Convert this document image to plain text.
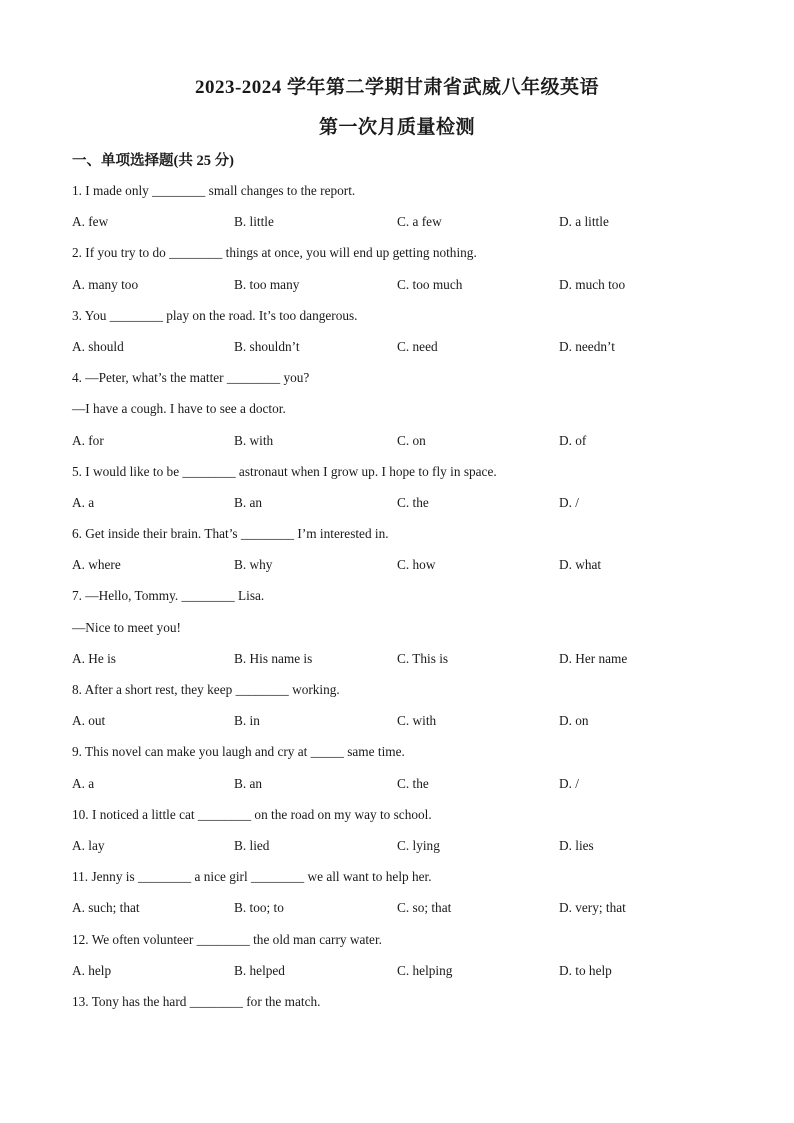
2023-2024 学年第二学期甘肃省武威八年级英语
第一次月质量检测
一、单项选择题(共 25 分)
1. I made only ________ small changes to the report.
A. few	B. little	C. a few	D. a little
2. If you try to do ________ things at once, you will end up getting nothing.
A. many too	B. too many	C. too much	D. much too
3. You ________ play on the road. It’s too dangerous.
A. should	B. shouldn’t	C. need	D. needn’t
4. —Peter, what’s the matter ________ you?
—I have a cough. I have to see a doctor.
A. for	B. with	C. on	D. of
5. I would like to be ________ astronaut when I grow up. I hope to fly in space.
A. a	B. an	C. the	D. /
6. Get inside their brain. That’s ________ I’m interested in.
A. where	B. why	C. how	D. what
7. —Hello, Tommy. ________ Lisa.
—Nice to meet you!
A. He is	B. His name is	C. This is	D. Her name
8. After a short rest, they keep ________ working.
A. out	B. in	C. with	D. on
9. This novel can make you laugh and cry at _____ same time.
A. a	B. an	C. the	D. /
10. I noticed a little cat ________ on the road on my way to school.
A. lay	B. lied	C. lying	D. lies
11. Jenny is ________ a nice girl ________ we all want to help her.
A. such; that	B. too; to	C. so; that	D. very; that
12. We often volunteer ________ the old man carry water.
A. help	B. helped	C. helping	D. to help
13. Tony has the hard ________ for the match.
